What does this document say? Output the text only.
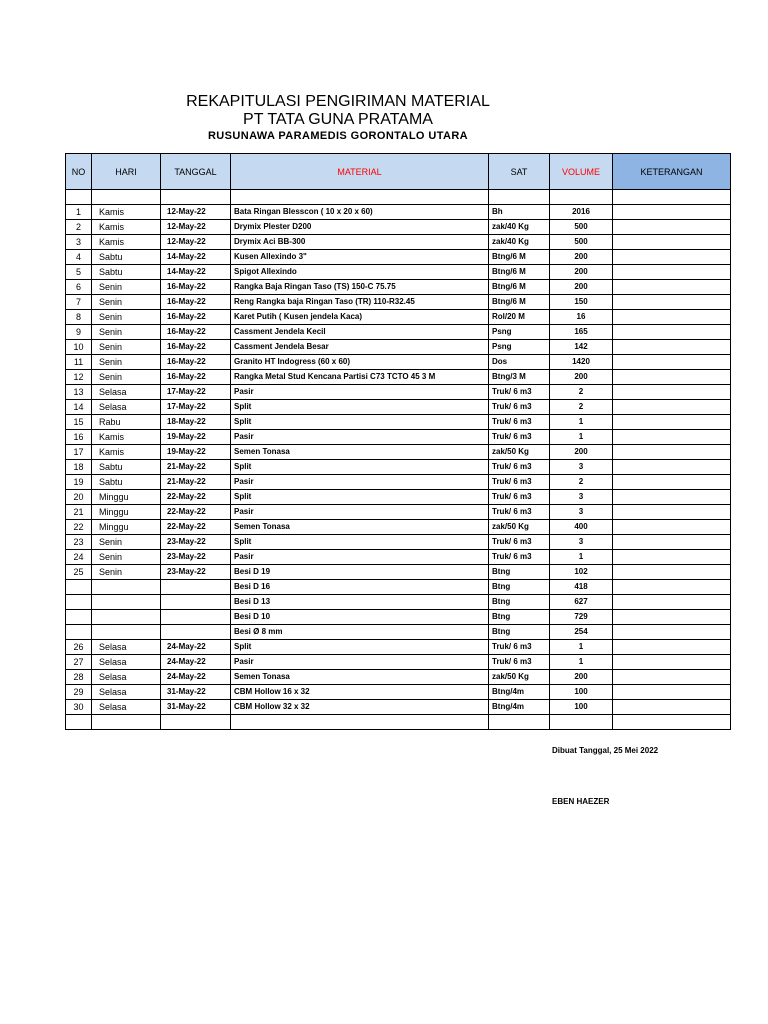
REKAPITULASI PENGIRIMAN MATERIAL
PT TATA GUNA PRATAMA
RUSUNAWA PARAMEDIS GORONTALO UTARA
NO	HARI	TANGGAL	MATERIAL	SAT	VOLUME	KETERANGAN

1	Kamis	12-May-22	Bata Ringan Blesscon ( 10 x 20 x 60)	Bh	2016	
2	Kamis	12-May-22	Drymix Plester D200	zak/40 Kg	500	
3	Kamis	12-May-22	Drymix Aci BB-300	zak/40 Kg	500	
4	Sabtu	14-May-22	Kusen Allexindo 3"	Btng/6 M	200	
5	Sabtu	14-May-22	Spigot Allexindo	Btng/6 M	200	
6	Senin	16-May-22	Rangka Baja Ringan Taso (TS) 150-C 75.75	Btng/6 M	200	
7	Senin	16-May-22	Reng Rangka baja Ringan Taso (TR) 110-R32.45	Btng/6 M	150	
8	Senin	16-May-22	Karet Putih ( Kusen jendela Kaca)	Rol/20 M	16	
9	Senin	16-May-22	Cassment Jendela Kecil	Psng	165	
10	Senin	16-May-22	Cassment Jendela Besar	Psng	142	
11	Senin	16-May-22	Granito HT Indogress (60 x 60)	Dos	1420	
12	Senin	16-May-22	Rangka Metal Stud Kencana Partisi C73 TCTO 45 3 M	Btng/3 M	200	
13	Selasa	17-May-22	Pasir	Truk/ 6 m3	2	
14	Selasa	17-May-22	Split	Truk/ 6 m3	2	
15	Rabu	18-May-22	Split	Truk/ 6 m3	1	
16	Kamis	19-May-22	Pasir	Truk/ 6 m3	1	
17	Kamis	19-May-22	Semen Tonasa	zak/50 Kg	200	
18	Sabtu	21-May-22	Split	Truk/ 6 m3	3	
19	Sabtu	21-May-22	Pasir	Truk/ 6 m3	2	
20	Minggu	22-May-22	Split	Truk/ 6 m3	3	
21	Minggu	22-May-22	Pasir	Truk/ 6 m3	3	
22	Minggu	22-May-22	Semen Tonasa	zak/50 Kg	400	
23	Senin	23-May-22	Split	Truk/ 6 m3	3	
24	Senin	23-May-22	Pasir	Truk/ 6 m3	1	
25	Senin	23-May-22	Besi D 19	Btng	102	
			Besi D 16	Btng	418	
			Besi D 13	Btng	627	
			Besi D 10	Btng	729	
			Besi Ø 8 mm	Btng	254	
26	Selasa	24-May-22	Split	Truk/ 6 m3	1	
27	Selasa	24-May-22	Pasir	Truk/ 6 m3	1	
28	Selasa	24-May-22	Semen Tonasa	zak/50 Kg	200	
29	Selasa	31-May-22	CBM Hollow 16 x 32	Btng/4m	100	
30	Selasa	31-May-22	CBM Hollow 32 x 32	Btng/4m	100	

Dibuat Tanggal, 25 Mei 2022
EBEN HAEZER
